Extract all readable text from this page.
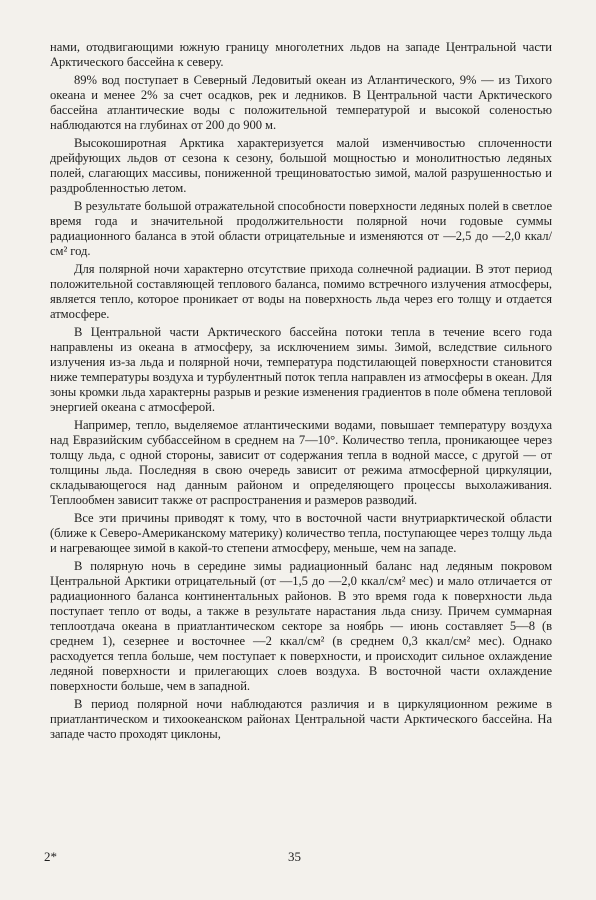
нами, отодвигающими южную границу многолетних льдов на западе Центральной части Арктического бассейна к северу.

89% вод поступает в Северный Ледовитый океан из Атлантического, 9% — из Тихого океана и менее 2% за счет осадков, рек и ледников. В Центральной части Арктического бассейна атлантические воды с положительной температурой и высокой соленостью наблюдаются на глубинах от 200 до 900 м.

Высокоширотная Арктика характеризуется малой изменчивостью сплоченности дрейфующих льдов от сезона к сезону, большой мощностью и монолитностью ледяных полей, слагающих массивы, пониженной трещиноватостью зимой, малой разрушенностью и раздробленностью летом.

В результате большой отражательной способности поверхности ледяных полей в светлое время года и значительной продолжительности полярной ночи годовые суммы радиационного баланса в этой области отрицательные и изменяются от —2,5 до —2,0 ккал/см² год.

Для полярной ночи характерно отсутствие прихода солнечной радиации. В этот период положительной составляющей теплового баланса, помимо встречного излучения атмосферы, является тепло, которое проникает от воды на поверхность льда через его толщу и отдается атмосфере.

В Центральной части Арктического бассейна потоки тепла в течение всего года направлены из океана в атмосферу, за исключением зимы. Зимой, вследствие сильного излучения из-за льда и полярной ночи, температура подстилающей поверхности становится ниже температуры воздуха и турбулентный поток тепла направлен из атмосферы в океан. Для зоны кромки льда характерны разрыв и резкие изменения градиентов в поле обмена тепловой энергией океана с атмосферой.

Например, тепло, выделяемое атлантическими водами, повышает температуру воздуха над Евразийским суббассейном в среднем на 7—10°. Количество тепла, проникающее через толщу льда, с одной стороны, зависит от содержания тепла в водной массе, с другой — от толщины льда. Последняя в свою очередь зависит от режима атмосферной циркуляции, складывающегося над данным районом и определяющего процессы выхолаживания. Теплообмен зависит также от распространения и размеров разводий.

Все эти причины приводят к тому, что в восточной части внутриарктической области (ближе к Северо-Американскому материку) количество тепла, поступающее через толщу льда и нагревающее зимой в какой-то степени атмосферу, меньше, чем на западе.

В полярную ночь в середине зимы радиационный баланс над ледяным покровом Центральной Арктики отрицательный (от —1,5 до —2,0 ккал/см² мес) и мало отличается от радиационного баланса континентальных районов. В это время года к поверхности льда поступает тепло от воды, а также в результате нарастания льда снизу. Причем суммарная теплоотдача океана в приатлантическом секторе за ноябрь — июнь составляет 5—8 (в среднем 1), сезернее и восточнее —2 ккал/см² (в среднем 0,3 ккал/см² мес). Однако расходуется тепла больше, чем поступает к поверхности, и происходит сильное охлаждение ледяной поверхности и прилегающих слоев воздуха. В восточной части охлаждение поверхности больше, чем в западной.

В период полярной ночи наблюдаются различия и в циркуляционном режиме в приатлантическом и тихоокеанском районах Центральной части Арктического бассейна. На западе часто проходят циклоны,

2*	35
